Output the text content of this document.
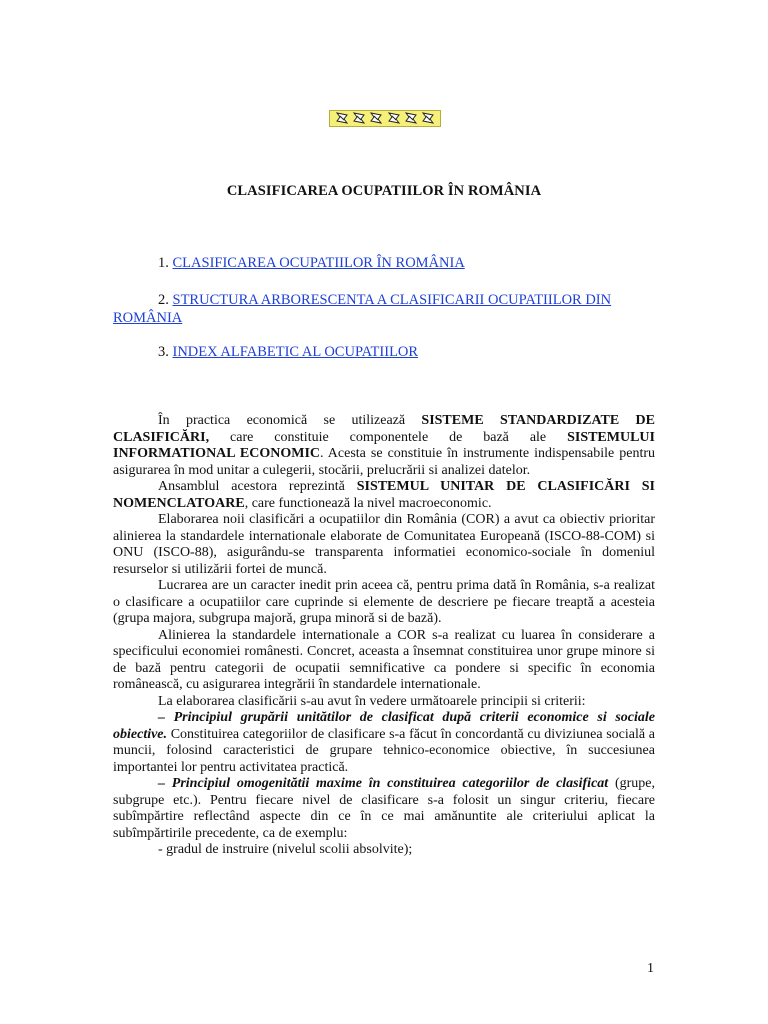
CLASIFICAREA OCUPATIILOR ÎN ROMÂNIA
1. CLASIFICAREA OCUPATIILOR ÎN ROMÂNIA
2. STRUCTURA ARBORESCENTA A CLASIFICARII OCUPATIILOR DIN ROMÂNIA
3. INDEX ALFABETIC AL OCUPATIILOR

În practica economică se utilizează SISTEME STANDARDIZATE DE CLASIFICĂRI, care constituie componentele de bază ale SISTEMULUI INFORMATIONAL ECONOMIC. Acesta se constituie în instrumente indispensabile pentru asigurarea în mod unitar a culegerii, stocării, prelucrării si analizei datelor.

Ansamblul acestora reprezintă SISTEMUL UNITAR DE CLASIFICĂRI SI NOMENCLATOARE, care functionează la nivel macroeconomic.

Elaborarea noii clasificări a ocupatiilor din România (COR) a avut ca obiectiv prioritar alinierea la standardele internationale elaborate de Comunitatea Europeană (ISCO-88-COM) si ONU (ISCO-88), asigurându-se transparenta informatiei economico-sociale în domeniul resurselor si utilizării fortei de muncă.

Lucrarea are un caracter inedit prin aceea că, pentru prima dată în România, s-a realizat o clasificare a ocupatiilor care cuprinde si elemente de descriere pe fiecare treaptă a acesteia (grupa majora, subgrupa majoră, grupa minoră si de bază).

Alinierea la standardele internationale a COR s-a realizat cu luarea în considerare a specificului economiei românesti. Concret, aceasta a însemnat constituirea unor grupe minore si de bază pentru categorii de ocupatii semnificative ca pondere si specific în economia românească, cu asigurarea integrării în standardele internationale.

La elaborarea clasificării s-au avut în vedere următoarele principii si criterii:

– Principiul grupării unitătilor de clasificat după criterii economice si sociale obiective. Constituirea categoriilor de clasificare s-a făcut în concordantă cu diviziunea socială a muncii, folosind caracteristici de grupare tehnico-economice obiective, în succesiunea importantei lor pentru activitatea practică.

– Principiul omogenitătii maxime în constituirea categoriilor de clasificat (grupe, subgrupe etc.). Pentru fiecare nivel de clasificare s-a folosit un singur criteriu, fiecare subîmpărtire reflectând aspecte din ce în ce mai amănuntite ale criteriului aplicat la subîmpărtirile precedente, ca de exemplu:

- gradul de instruire (nivelul scolii absolvite);

1
